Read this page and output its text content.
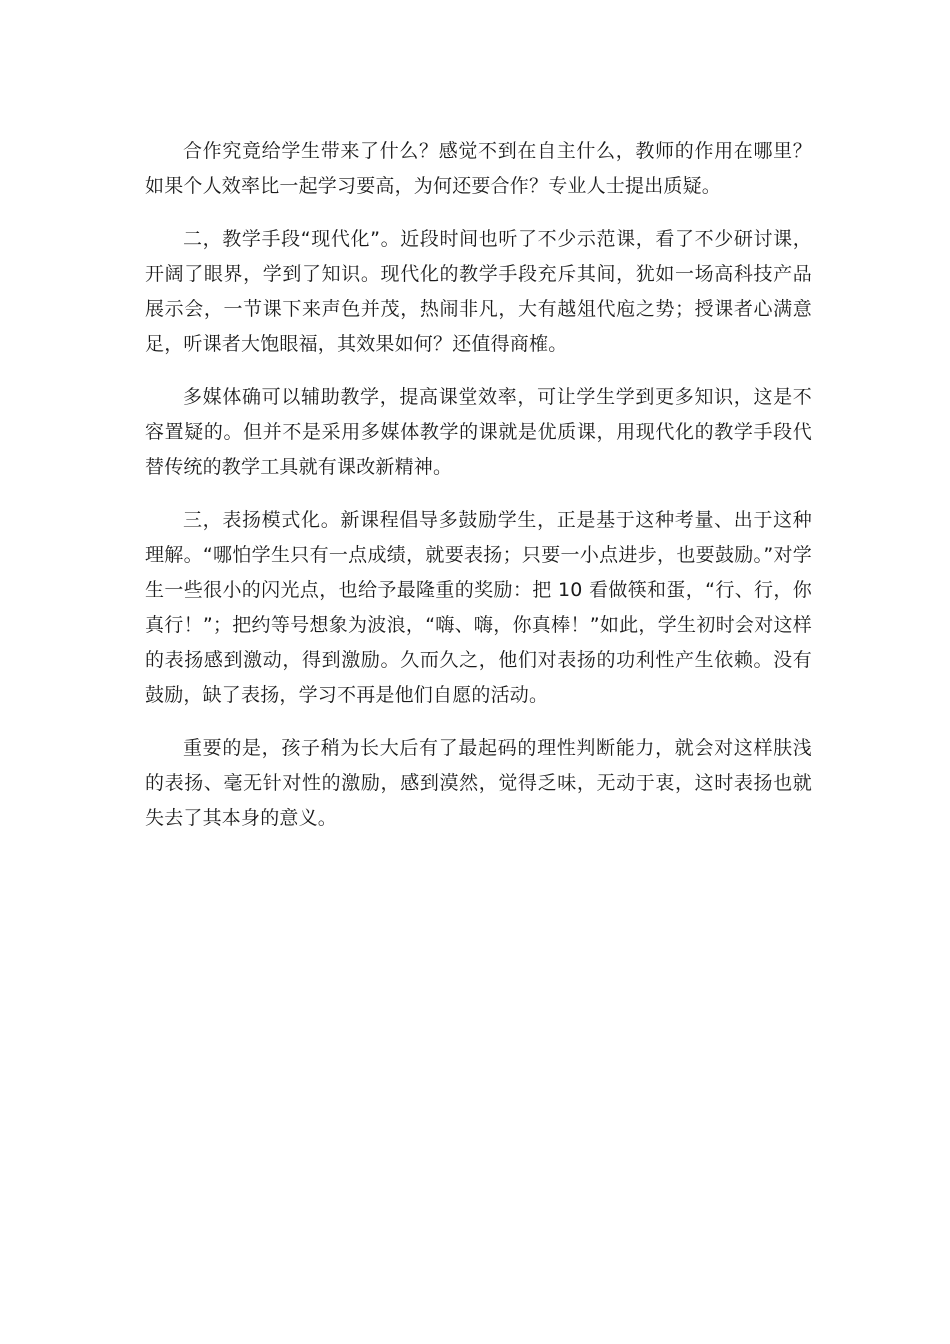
合作究竟给学生带来了什么？感觉不到在自主什么，教师的作用在哪里？如果个人效率比一起学习要高，为何还要合作？专业人士提出质疑。

二，教学手段“现代化”。近段时间也听了不少示范课，看了不少研讨课，开阔了眼界，学到了知识。现代化的教学手段充斥其间，犹如一场高科技产品展示会，一节课下来声色并茂，热闹非凡，大有越俎代庖之势；授课者心满意足，听课者大饱眼福，其效果如何？还值得商榷。

多媒体确可以辅助教学，提高课堂效率，可让学生学到更多知识，这是不容置疑的。但并不是采用多媒体教学的课就是优质课，用现代化的教学手段代替传统的教学工具就有课改新精神。

三，表扬模式化。新课程倡导多鼓励学生，正是基于这种考量、出于这种理解。“哪怕学生只有一点成绩，就要表扬；只要一小点进步，也要鼓励。”对学生一些很小的闪光点，也给予最隆重的奖励：把 10 看做筷和蛋，“行、行，你真行！”；把约等号想象为波浪，“嗨、嗨，你真棒！”如此，学生初时会对这样的表扬感到激动，得到激励。久而久之，他们对表扬的功利性产生依赖。没有鼓励，缺了表扬，学习不再是他们自愿的活动。

重要的是，孩子稍为长大后有了最起码的理性判断能力，就会对这样肤浅的表扬、毫无针对性的激励，感到漠然，觉得乏味，无动于衷，这时表扬也就失去了其本身的意义。
